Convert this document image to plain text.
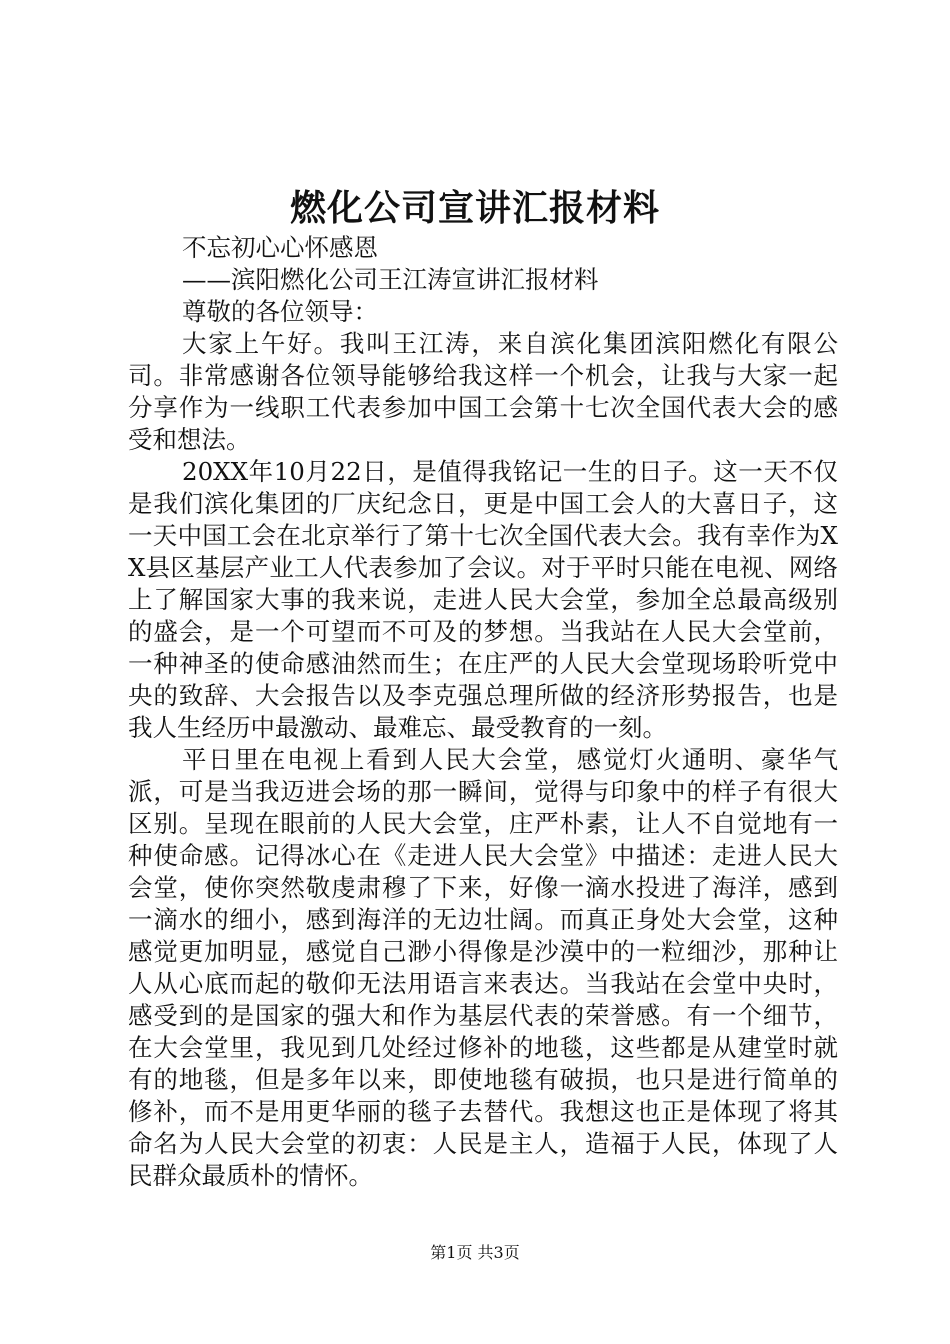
燃化公司宣讲汇报材料

不忘初心心怀感恩

——滨阳燃化公司王江涛宣讲汇报材料

尊敬的各位领导：

大家上午好。我叫王江涛，来自滨化集团滨阳燃化有限公司。非常感谢各位领导能够给我这样一个机会，让我与大家一起分享作为一线职工代表参加中国工会第十七次全国代表大会的感受和想法。

20XX年10月22日，是值得我铭记一生的日子。这一天不仅是我们滨化集团的厂庆纪念日，更是中国工会人的大喜日子，这一天中国工会在北京举行了第十七次全国代表大会。我有幸作为XX县区基层产业工人代表参加了会议。对于平时只能在电视、网络上了解国家大事的我来说，走进人民大会堂，参加全总最高级别的盛会，是一个可望而不可及的梦想。当我站在人民大会堂前，一种神圣的使命感油然而生；在庄严的人民大会堂现场聆听党中央的致辞、大会报告以及李克强总理所做的经济形势报告，也是我人生经历中最激动、最难忘、最受教育的一刻。

平日里在电视上看到人民大会堂，感觉灯火通明、豪华气派，可是当我迈进会场的那一瞬间，觉得与印象中的样子有很大区别。呈现在眼前的人民大会堂，庄严朴素，让人不自觉地有一种使命感。记得冰心在《走进人民大会堂》中描述：走进人民大会堂，使你突然敬虔肃穆了下来，好像一滴水投进了海洋，感到一滴水的细小，感到海洋的无边壮阔。而真正身处大会堂，这种感觉更加明显，感觉自己渺小得像是沙漠中的一粒细沙，那种让人从心底而起的敬仰无法用语言来表达。当我站在会堂中央时，感受到的是国家的强大和作为基层代表的荣誉感。有一个细节，在大会堂里，我见到几处经过修补的地毯，这些都是从建堂时就有的地毯，但是多年以来，即使地毯有破损，也只是进行简单的修补，而不是用更华丽的毯子去替代。我想这也正是体现了将其命名为人民大会堂的初衷：人民是主人，造福于人民，体现了人民群众最质朴的情怀。

第1页 共3页
